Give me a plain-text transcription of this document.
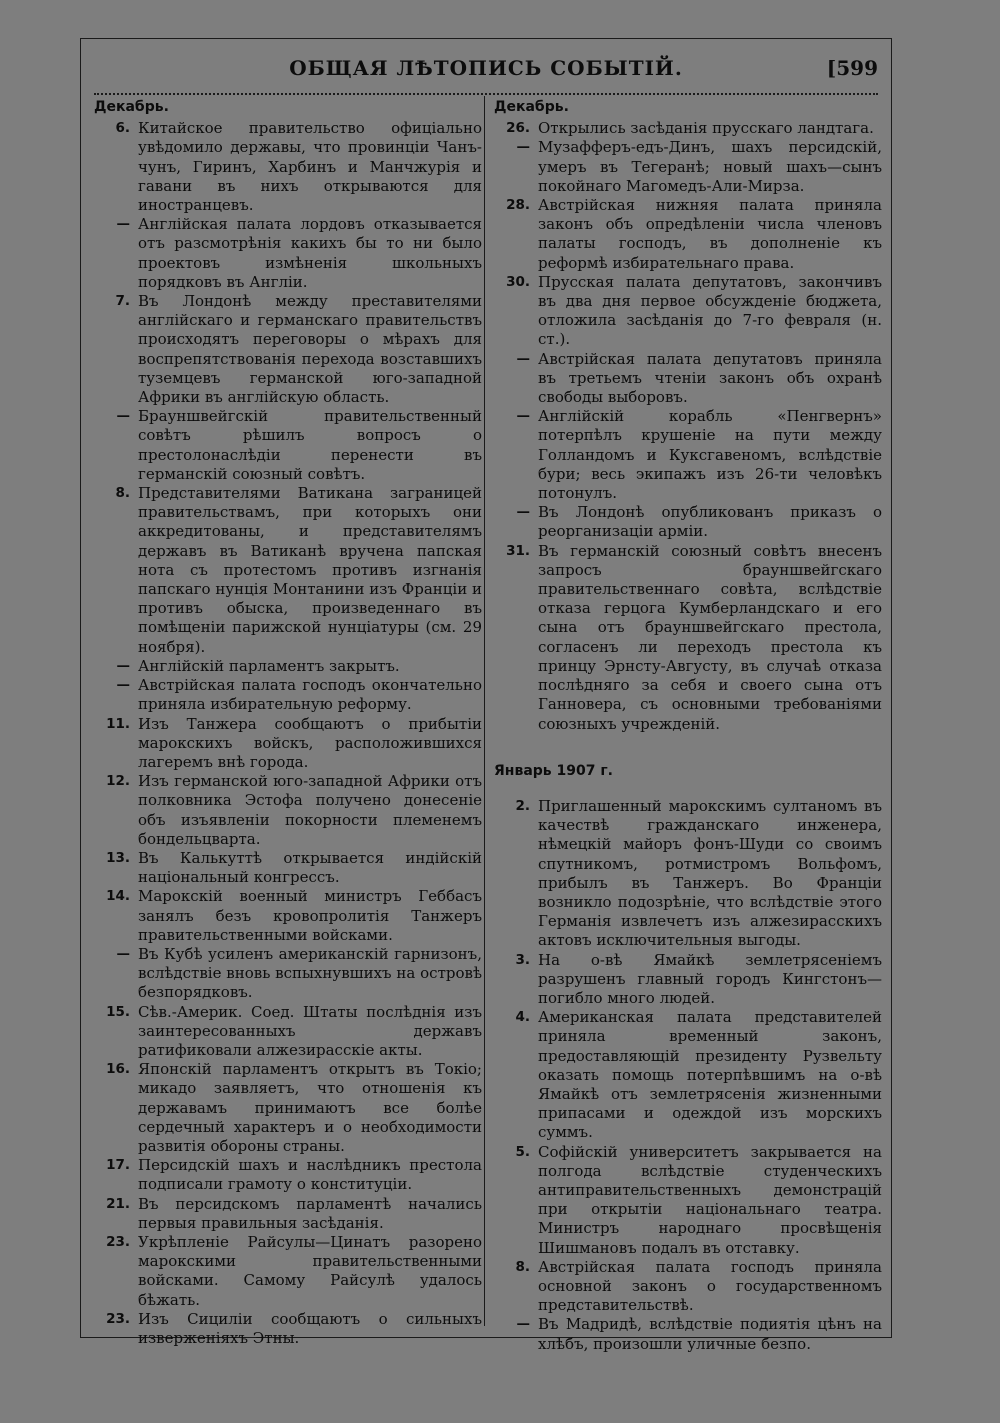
ОБЩАЯ ЛѢТОПИСЬ СОБЫТІЙ.	[599
Декабрь.
6. Китайское правительство офиціально увѣдомило державы, что провинціи Чанъ-чунъ, Гиринъ, Харбинъ и Манчжурія и гавани въ нихъ открываются для иностранцевъ.
— Англійская палата лордовъ отказывается отъ разсмотрѣнія какихъ бы то ни было проектовъ измѣненія школьныхъ порядковъ въ Англіи.
7. Въ Лондонѣ между преставителями англійскаго и германскаго правительствъ происходятъ переговоры о мѣрахъ для воспрепятствованія перехода возставшихъ туземцевъ германской юго-западной Африки въ англійскую область.
— Брауншвейгскій правительственный совѣтъ рѣшилъ вопросъ о престолонаслѣдіи перенести въ германскій союзный совѣтъ.
8. Представителями Ватикана заграницей правительствамъ, при которыхъ они аккредитованы, и представителямъ державъ въ Ватиканѣ вручена папская нота съ протестомъ противъ изгнанія папскаго нунція Монтанини изъ Франціи и противъ обыска, произведеннаго въ помѣщеніи парижской нунціатуры (см. 29 ноября).
— Англійскій парламентъ закрытъ.
— Австрійская палата господъ окончательно приняла избирательную реформу.
11. Изъ Танжера сообщаютъ о прибытіи марокскихъ войскъ, расположившихся лагеремъ внѣ города.
12. Изъ германской юго-западной Африки отъ полковника Эстофа получено донесеніе объ изъявленіи покорности племенемъ бондельцварта.
13. Въ Калькуттѣ открывается индійскій національный конгрессъ.
14. Марокскій военный министръ Геббасъ занялъ безъ кровопролитія Танжеръ правительственными войсками.
— Въ Кубѣ усиленъ американскій гарнизонъ, вслѣдствіе вновь вспыхнувшихъ на островѣ безпорядковъ.
15. Сѣв.-Америк. Соед. Штаты послѣднія изъ заинтересованныхъ державъ ратификовали алжезирасскіе акты.
16. Японскій парламентъ открытъ въ Токіо; микадо заявляетъ, что отношенія къ державамъ принимаютъ все болѣе сердечный характеръ и о необходимости развитія обороны страны.
17. Персидскій шахъ и наслѣдникъ престола подписали грамоту о конституціи.
21. Въ персидскомъ парламентѣ начались первыя правильныя засѣданія.
23. Укрѣпленіе Райсулы—Цинатъ разорено марокскими правительственными войсками. Самому Райсулѣ удалось бѣжать.
23. Изъ Сициліи сообщаютъ о сильныхъ изверженіяхъ Этны.
Декабрь.
26. Открылись засѣданія прусскаго ландтага.
— Музафферъ-едъ-Динъ, шахъ персидскій, умеръ въ Тегеранѣ; новый шахъ—сынъ покойнаго Магомедъ-Али-Мирза.
28. Австрійская нижняя палата приняла законъ объ опредѣленіи числа членовъ палаты господъ, въ дополненіе къ реформѣ избирательнаго права.
30. Прусская палата депутатовъ, закончивъ въ два дня первое обсужденіе бюджета, отложила засѣданія до 7-го февраля (н. ст.).
— Австрійская палата депутатовъ приняла въ третьемъ чтеніи законъ объ охранѣ свободы выборовъ.
— Англійскій корабль «Пенгвернъ» потерпѣлъ крушеніе на пути между Голландомъ и Куксгавеномъ, вслѣдствіе бури; весь экипажъ изъ 26-ти человѣкъ потонулъ.
— Въ Лондонѣ опубликованъ приказъ о реорганизаціи арміи.
31. Въ германскій союзный совѣтъ внесенъ запросъ брауншвейгскаго правительственнаго совѣта, вслѣдствіе отказа герцога Кумберландскаго и его сына отъ брауншвейгскаго престола, согласенъ ли переходъ престола къ принцу Эрнсту-Августу, въ случаѣ отказа послѣдняго за себя и своего сына отъ Ганновера, съ основными требованіями союзныхъ учрежденій.
Январь 1907 г.
2. Приглашенный марокскимъ султаномъ въ качествѣ гражданскаго инженера, нѣмецкій майоръ фонъ-Шуди со своимъ спутникомъ, ротмистромъ Вольфомъ, прибылъ въ Танжеръ. Во Франціи возникло подозрѣніе, что вслѣдствіе этого Германія извлечетъ изъ алжезирасскихъ актовъ исключительныя выгоды.
3. На о-вѣ Ямайкѣ землетрясеніемъ разрушенъ главный городъ Кингстонъ—погибло много людей.
4. Американская палата представителей приняла временный законъ, предоставляющій президенту Рузвельту оказать помощь потерпѣвшимъ на о-вѣ Ямайкѣ отъ землетрясенія жизненными припасами и одеждой изъ морскихъ суммъ.
5. Софійскій университетъ закрывается на полгода вслѣдствіе студенческихъ антиправительственныхъ демонстрацій при открытіи національнаго театра. Министръ народнаго просвѣщенія Шишмановъ подалъ въ отставку.
8. Австрійская палата господъ приняла основной законъ о государственномъ представительствѣ.
— Въ Мадридѣ, вслѣдствіе подиятія цѣнъ на хлѣбъ, произошли уличные безпо.
